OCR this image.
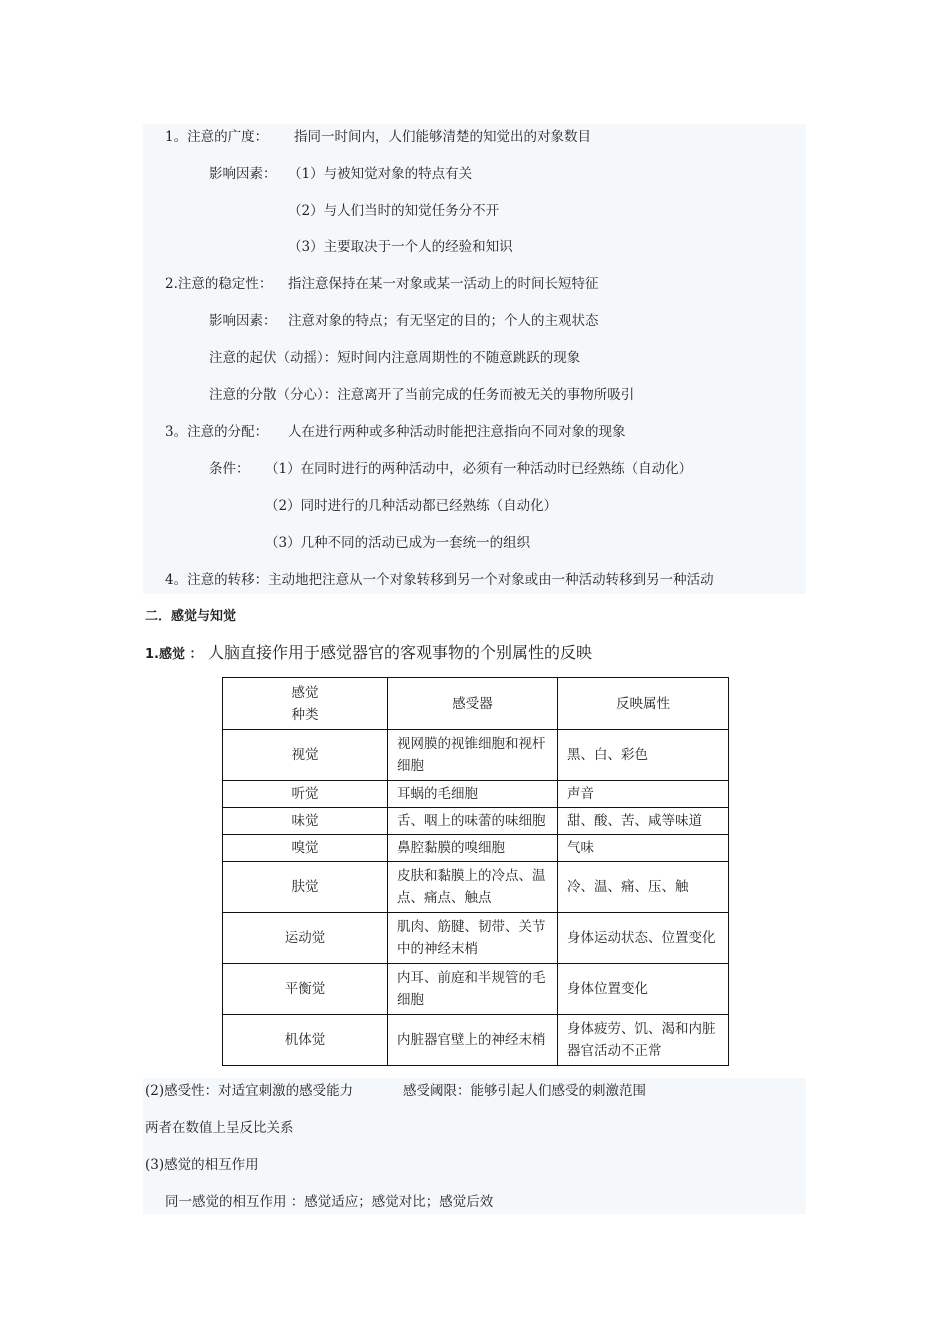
1。注意的广度： 指同一时间内，人们能够清楚的知觉出的对象数目
影响因素： （1）与被知觉对象的特点有关
（2）与人们当时的知觉任务分不开
（3）主要取决于一个人的经验和知识
2.注意的稳定性： 指注意保持在某一对象或某一活动上的时间长短特征
影响因素： 注意对象的特点；有无坚定的目的；个人的主观状态
注意的起伏（动摇）：短时间内注意周期性的不随意跳跃的现象
注意的分散（分心）：注意离开了当前完成的任务而被无关的事物所吸引
3。注意的分配： 人在进行两种或多种活动时能把注意指向不同对象的现象
条件： （1）在同时进行的两种活动中，必须有一种活动时已经熟练（自动化）
（2）同时进行的几种活动都已经熟练（自动化）
（3）几种不同的活动已成为一套统一的组织
4。注意的转移：主动地把注意从一个对象转移到另一个对象或由一种活动转移到另一种活动
二．感觉与知觉
1.感觉 ： 人脑直接作用于感觉器官的客观事物的个别属性的反映
感觉
种类	感受器	反映属性
视觉	视网膜的视锥细胞和视杆细胞	黑、白、彩色
听觉	耳蜗的毛细胞	声音
味觉	舌、咽上的味蕾的味细胞	甜、酸、苦、咸等味道
嗅觉	鼻腔黏膜的嗅细胞	气味
肤觉	皮肤和黏膜上的冷点、温点、痛点、触点	冷、温、痛、压、触
运动觉	肌肉、筋腱、韧带、关节中的神经末梢	身体运动状态、位置变化
平衡觉	内耳、前庭和半规管的毛细胞	身体位置变化
机体觉	内脏器官壁上的神经末梢	身体疲劳、饥、渴和内脏器官活动不正常
(2)感受性：对适宜刺激的感受能力	感受阈限：能够引起人们感受的刺激范围
两者在数值上呈反比关系
(3)感觉的相互作用
同一感觉的相互作用 ：感觉适应；感觉对比；感觉后效
